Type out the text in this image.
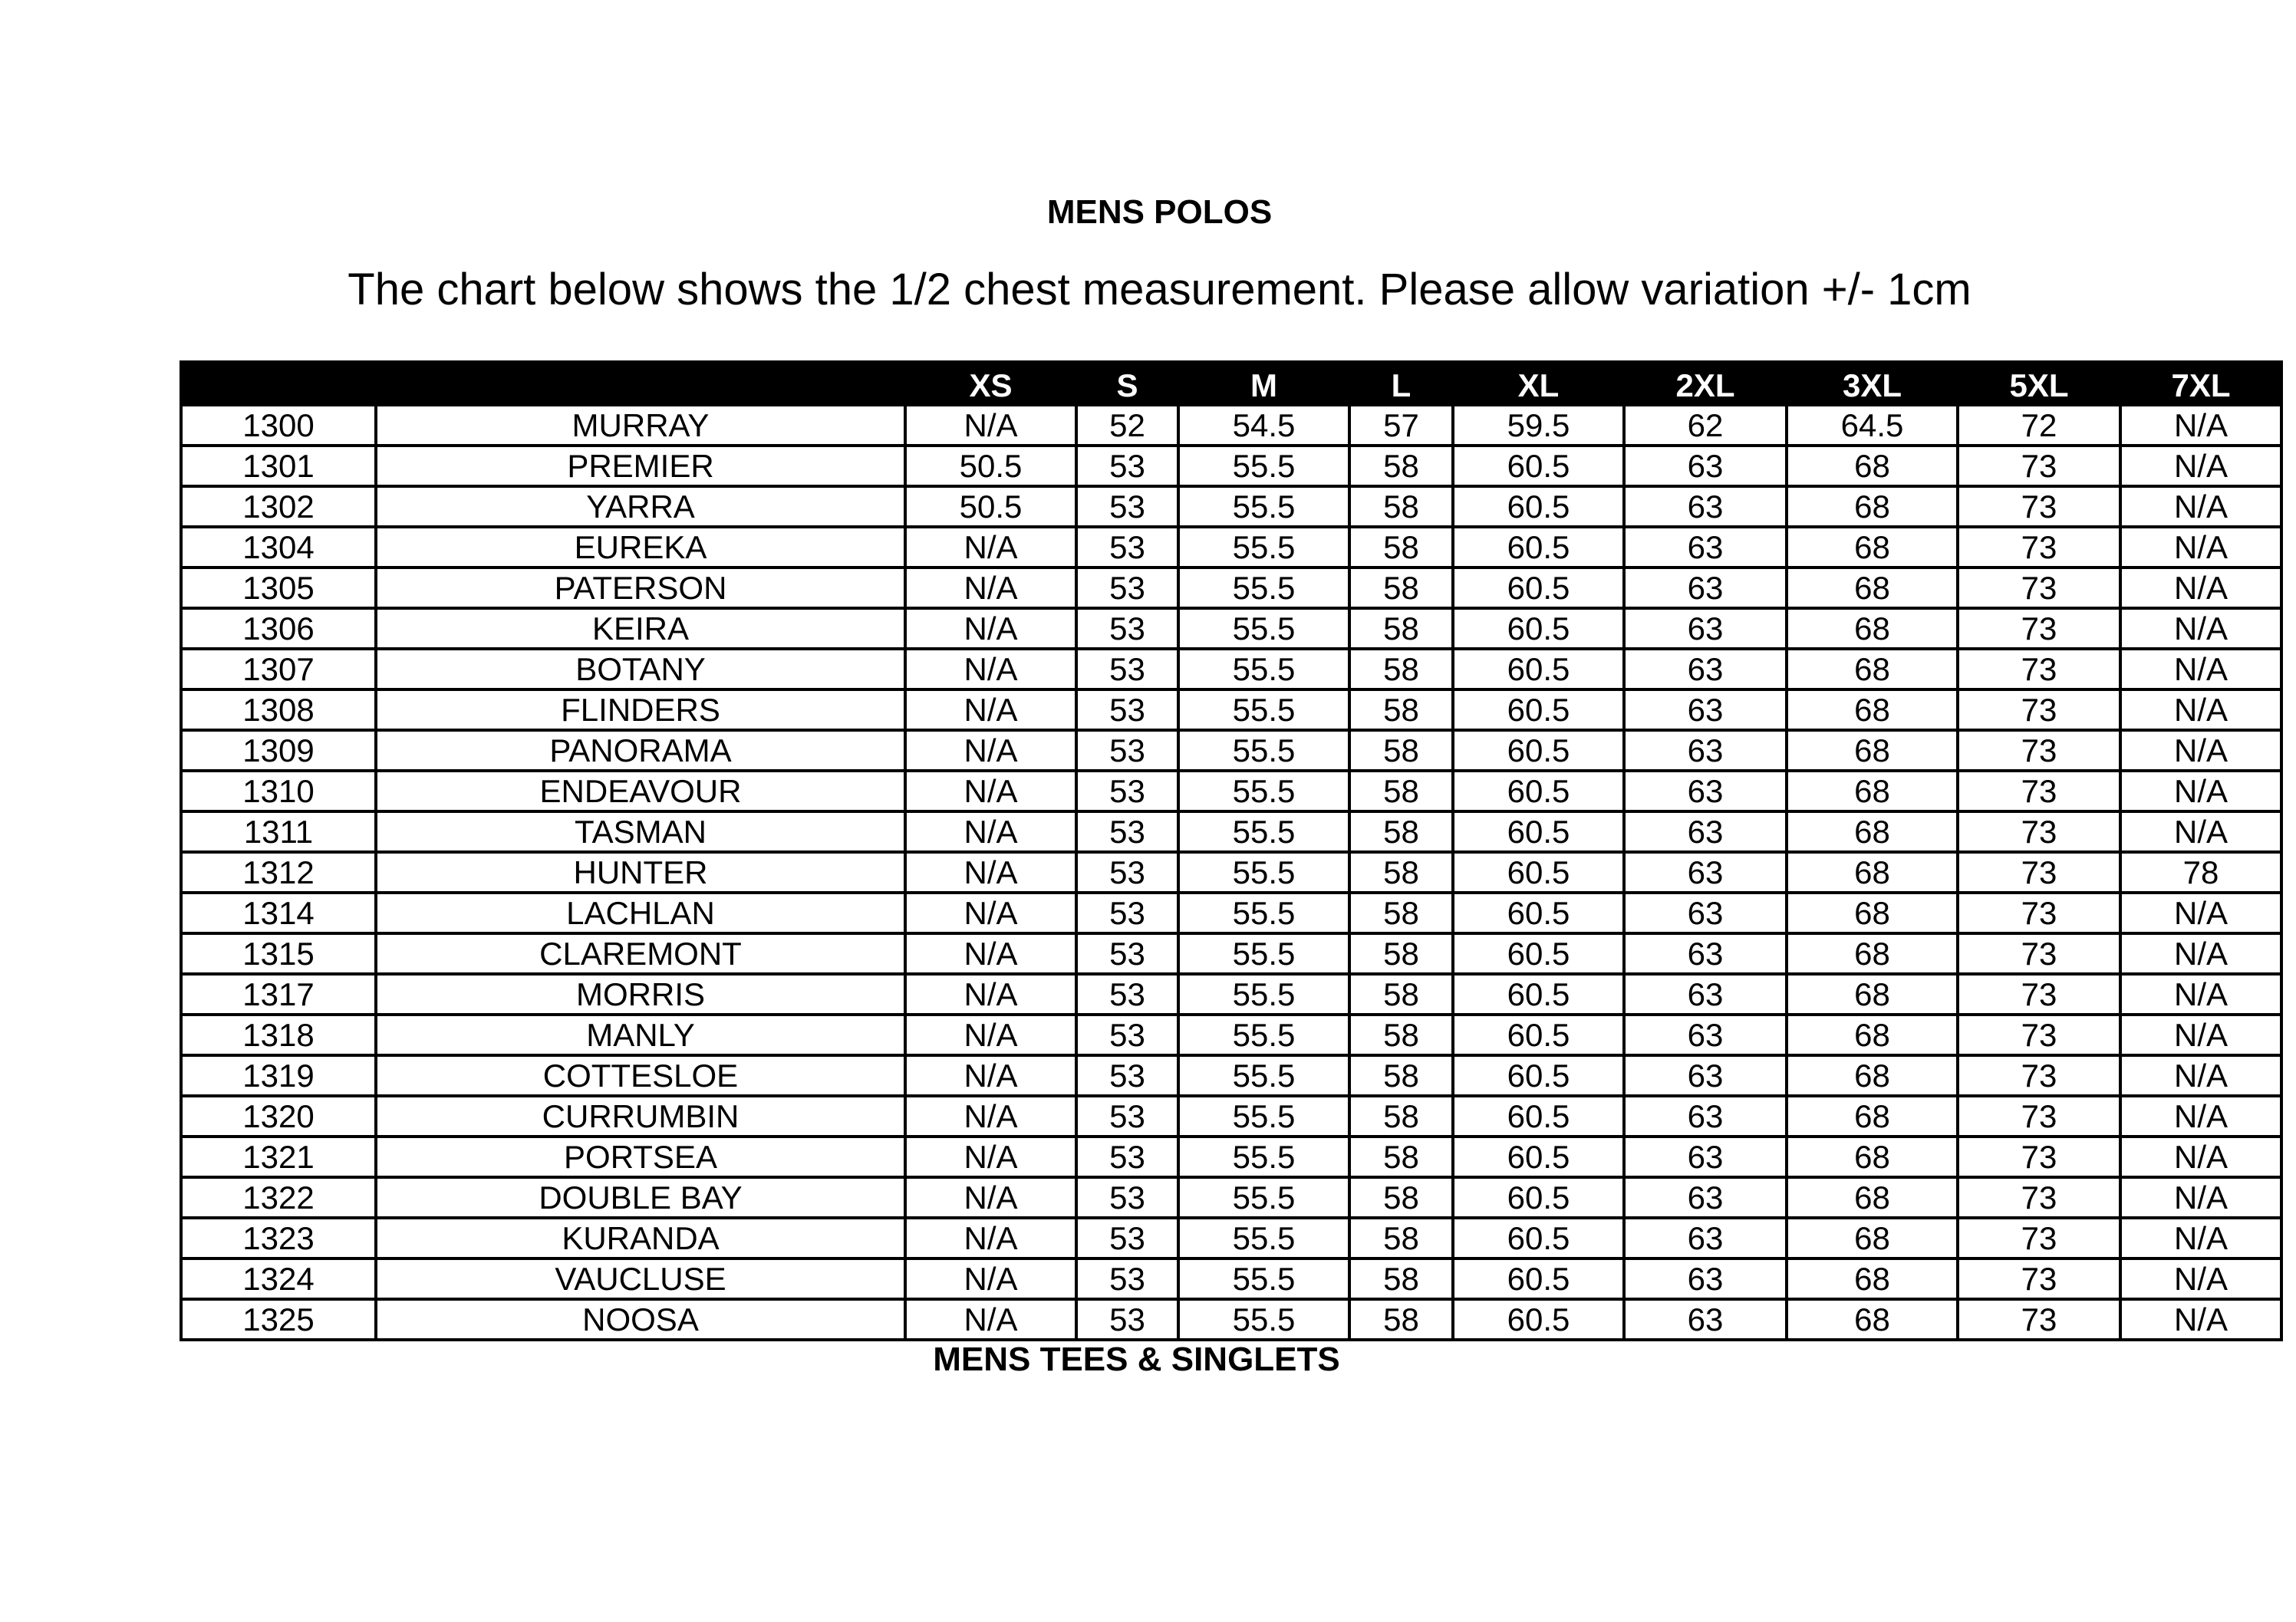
MENS POLOS
The chart below shows the 1/2 chest measurement. Please allow variation +/- 1cm
		XS	S	M	L	XL	2XL	3XL	5XL	7XL
1300	MURRAY	N/A	52	54.5	57	59.5	62	64.5	72	N/A
1301	PREMIER	50.5	53	55.5	58	60.5	63	68	73	N/A
1302	YARRA	50.5	53	55.5	58	60.5	63	68	73	N/A
1304	EUREKA	N/A	53	55.5	58	60.5	63	68	73	N/A
1305	PATERSON	N/A	53	55.5	58	60.5	63	68	73	N/A
1306	KEIRA	N/A	53	55.5	58	60.5	63	68	73	N/A
1307	BOTANY	N/A	53	55.5	58	60.5	63	68	73	N/A
1308	FLINDERS	N/A	53	55.5	58	60.5	63	68	73	N/A
1309	PANORAMA	N/A	53	55.5	58	60.5	63	68	73	N/A
1310	ENDEAVOUR	N/A	53	55.5	58	60.5	63	68	73	N/A
1311	TASMAN	N/A	53	55.5	58	60.5	63	68	73	N/A
1312	HUNTER	N/A	53	55.5	58	60.5	63	68	73	78
1314	LACHLAN	N/A	53	55.5	58	60.5	63	68	73	N/A
1315	CLAREMONT	N/A	53	55.5	58	60.5	63	68	73	N/A
1317	MORRIS	N/A	53	55.5	58	60.5	63	68	73	N/A
1318	MANLY	N/A	53	55.5	58	60.5	63	68	73	N/A
1319	COTTESLOE	N/A	53	55.5	58	60.5	63	68	73	N/A
1320	CURRUMBIN	N/A	53	55.5	58	60.5	63	68	73	N/A
1321	PORTSEA	N/A	53	55.5	58	60.5	63	68	73	N/A
1322	DOUBLE BAY	N/A	53	55.5	58	60.5	63	68	73	N/A
1323	KURANDA	N/A	53	55.5	58	60.5	63	68	73	N/A
1324	VAUCLUSE	N/A	53	55.5	58	60.5	63	68	73	N/A
1325	NOOSA	N/A	53	55.5	58	60.5	63	68	73	N/A
MENS TEES & SINGLETS
